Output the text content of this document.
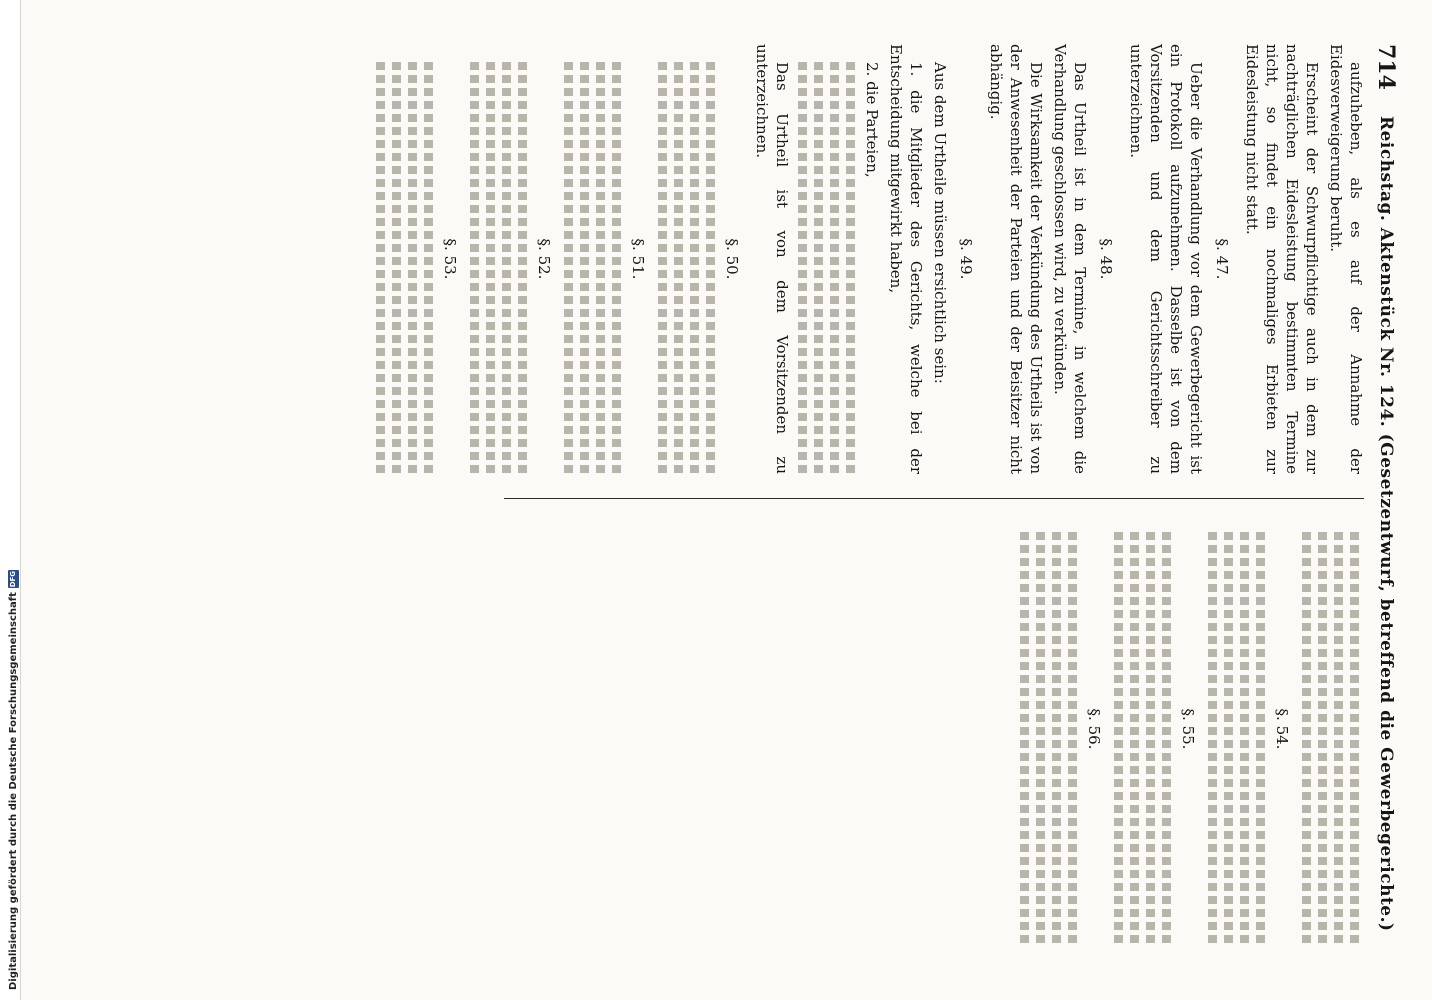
714
Reichstag. Aktenstück Nr. 124. (Gesetzentwurf, betreffend die Gewerbegerichte.)

aufzuheben, als es auf der Annahme der Eidesverweigerung beruht.

Erscheint der Schwurpflichtige auch in dem zur nachträglichen Eidesleistung bestimmten Termine nicht, so findet ein nochmaliges Erbieten zur Eidesleistung nicht statt.

§. 47.

Ueber die Verhandlung vor dem Gewerbegericht ist ein Protokoll aufzunehmen. Dasselbe ist von dem Vorsitzenden und dem Gerichtsschreiber zu unterzeichnen.

§. 48.

Das Urtheil ist in dem Termine, in welchem die Verhandlung geschlossen wird, zu verkünden.

Die Wirksamkeit der Verkündung des Urtheils ist von der Anwesenheit der Parteien und der Beisitzer nicht abhängig.

§. 49.

Aus dem Urtheile müssen ersichtlich sein:

1. die Mitglieder des Gerichts, welche bei der Entscheidung mitgewirkt haben,

2. die Parteien,

Das Urtheil ist von dem Vorsitzenden zu unterzeichnen.

§. 50.

§. 51.

§. 52.

§. 53.

§. 54.

§. 55.

§. 56.

Digitalisierung gefördert durch die Deutsche Forschungsgemeinschaft
DFG
